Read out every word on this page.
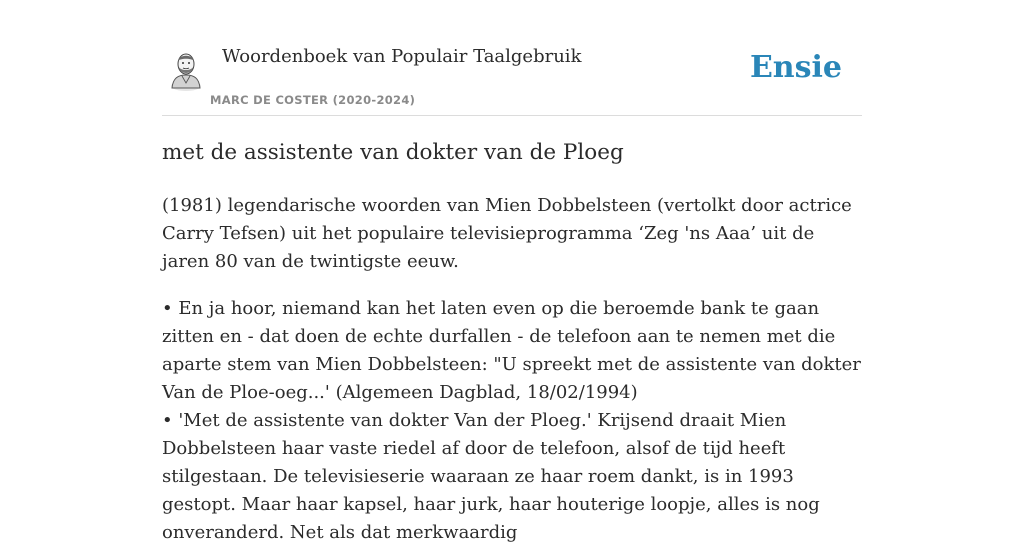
Woordenboek van Populair Taalgebruik
MARC DE COSTER (2020-2024)
Ensie
met de assistente van dokter van de Ploeg

(1981) legendarische woorden van Mien Dobbelsteen (vertolkt door actrice Carry Tefsen) uit het populaire televisieprogramma ‘Zeg 'ns Aaa’ uit de jaren 80 van de twintigste eeuw.

• En ja hoor, niemand kan het laten even op die beroemde bank te gaan zitten en - dat doen de echte durfallen - de telefoon aan te nemen met die aparte stem van Mien Dobbelsteen: "U spreekt met de assistente van dokter Van de Ploe-oeg...' (Algemeen Dagblad, 18/02/1994)
• 'Met de assistente van dokter Van der Ploeg.' Krijsend draait Mien Dobbelsteen haar vaste riedel af door de telefoon, alsof de tijd heeft stilgestaan. De televisieserie waaraan ze haar roem dankt, is in 1993 gestopt. Maar haar kapsel, haar jurk, haar houterige loopje, alles is nog onveranderd. Net als dat merkwaardig
